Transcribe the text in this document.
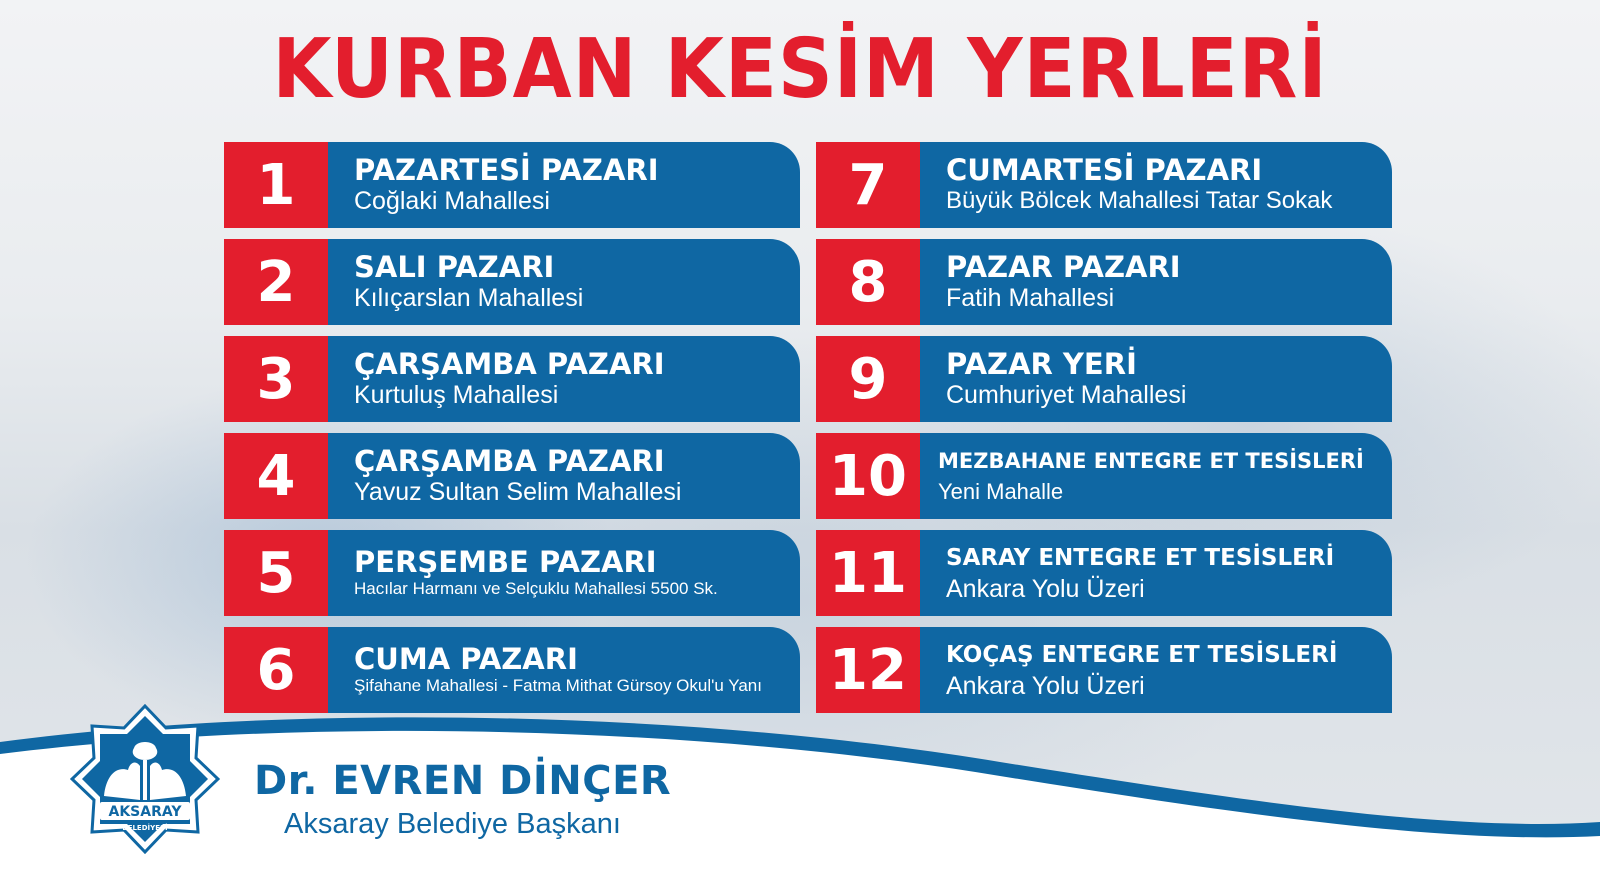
KURBAN KESİM YERLERİ
1	PAZARTESİ PAZARI
Coğlaki Mahallesi
2	SALI PAZARI
Kılıçarslan Mahallesi
3	ÇARŞAMBA PAZARI
Kurtuluş Mahallesi
4	ÇARŞAMBA PAZARI
Yavuz Sultan Selim Mahallesi
5	PERŞEMBE PAZARI
Hacılar Harmanı ve Selçuklu Mahallesi 5500 Sk.
6	CUMA PAZARI
Şifahane Mahallesi - Fatma Mithat Gürsoy Okul'u Yanı
7	CUMARTESİ PAZARI
Büyük Bölcek Mahallesi Tatar Sokak
8	PAZAR PAZARI
Fatih Mahallesi
9	PAZAR YERİ
Cumhuriyet Mahallesi
10	MEZBAHANE ENTEGRE ET TESİSLERİ
Yeni Mahalle
11	SARAY ENTEGRE ET TESİSLERİ
Ankara Yolu Üzeri
12	KOÇAŞ ENTEGRE ET TESİSLERİ
Ankara Yolu Üzeri
AKSARAY
BELEDİYESİ
Dr. EVREN DİNÇER
Aksaray Belediye Başkanı
